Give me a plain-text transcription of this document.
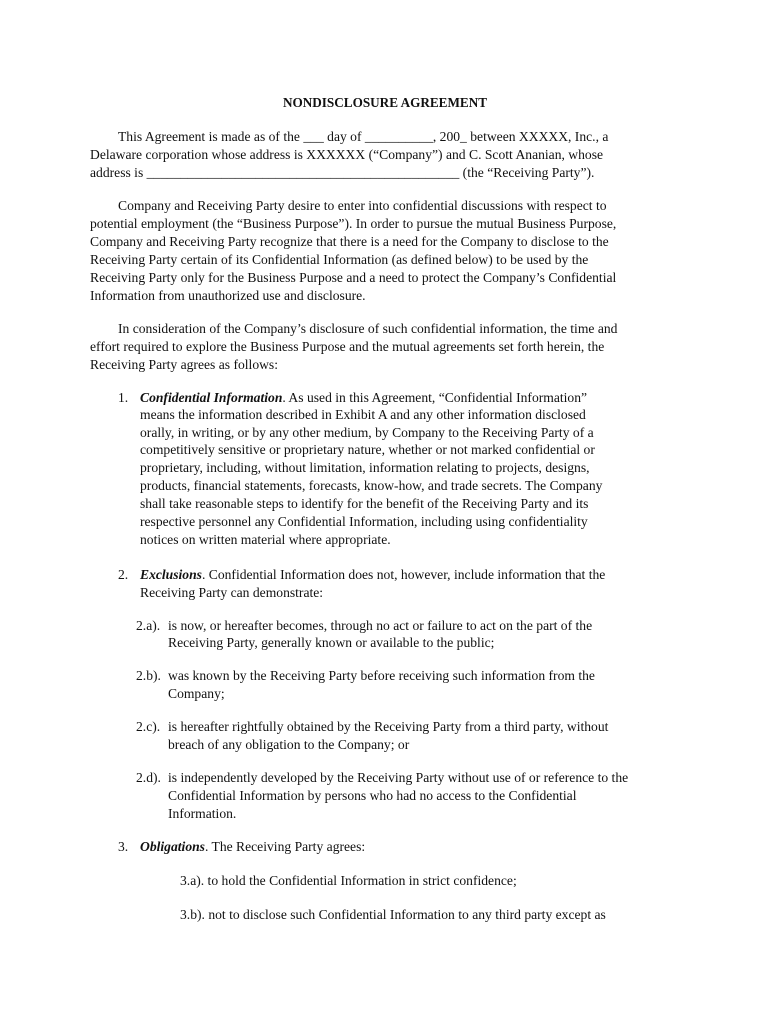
NONDISCLOSURE AGREEMENT
This Agreement is made as of the ___ day of __________, 200_ between XXXXX, Inc., a
Delaware corporation whose address is XXXXXX (“Company”) and C. Scott Ananian, whose
address is ______________________________________________ (the “Receiving Party”).
Company and Receiving Party desire to enter into confidential discussions with respect to
potential employment (the “Business Purpose”). In order to pursue the mutual Business Purpose,
Company and Receiving Party recognize that there is a need for the Company to disclose to the
Receiving Party certain of its Confidential Information (as defined below) to be used by the
Receiving Party only for the Business Purpose and a need to protect the Company’s Confidential
Information from unauthorized use and disclosure.
In consideration of the Company’s disclosure of such confidential information, the time and
effort required to explore the Business Purpose and the mutual agreements set forth herein, the
Receiving Party agrees as follows:
1. Confidential Information. As used in this Agreement, “Confidential Information”
means the information described in Exhibit A and any other information disclosed
orally, in writing, or by any other medium, by Company to the Receiving Party of a
competitively sensitive or proprietary nature, whether or not marked confidential or
proprietary, including, without limitation, information relating to projects, designs,
products, financial statements, forecasts, know-how, and trade secrets. The Company
shall take reasonable steps to identify for the benefit of the Receiving Party and its
respective personnel any Confidential Information, including using confidentiality
notices on written material where appropriate.
2. Exclusions. Confidential Information does not, however, include information that the
Receiving Party can demonstrate:
2.a). is now, or hereafter becomes, through no act or failure to act on the part of the
Receiving Party, generally known or available to the public;
2.b). was known by the Receiving Party before receiving such information from the
Company;
2.c). is hereafter rightfully obtained by the Receiving Party from a third party, without
breach of any obligation to the Company; or
2.d). is independently developed by the Receiving Party without use of or reference to the
Confidential Information by persons who had no access to the Confidential
Information.
3. Obligations. The Receiving Party agrees:
3.a). to hold the Confidential Information in strict confidence;
3.b). not to disclose such Confidential Information to any third party except as
